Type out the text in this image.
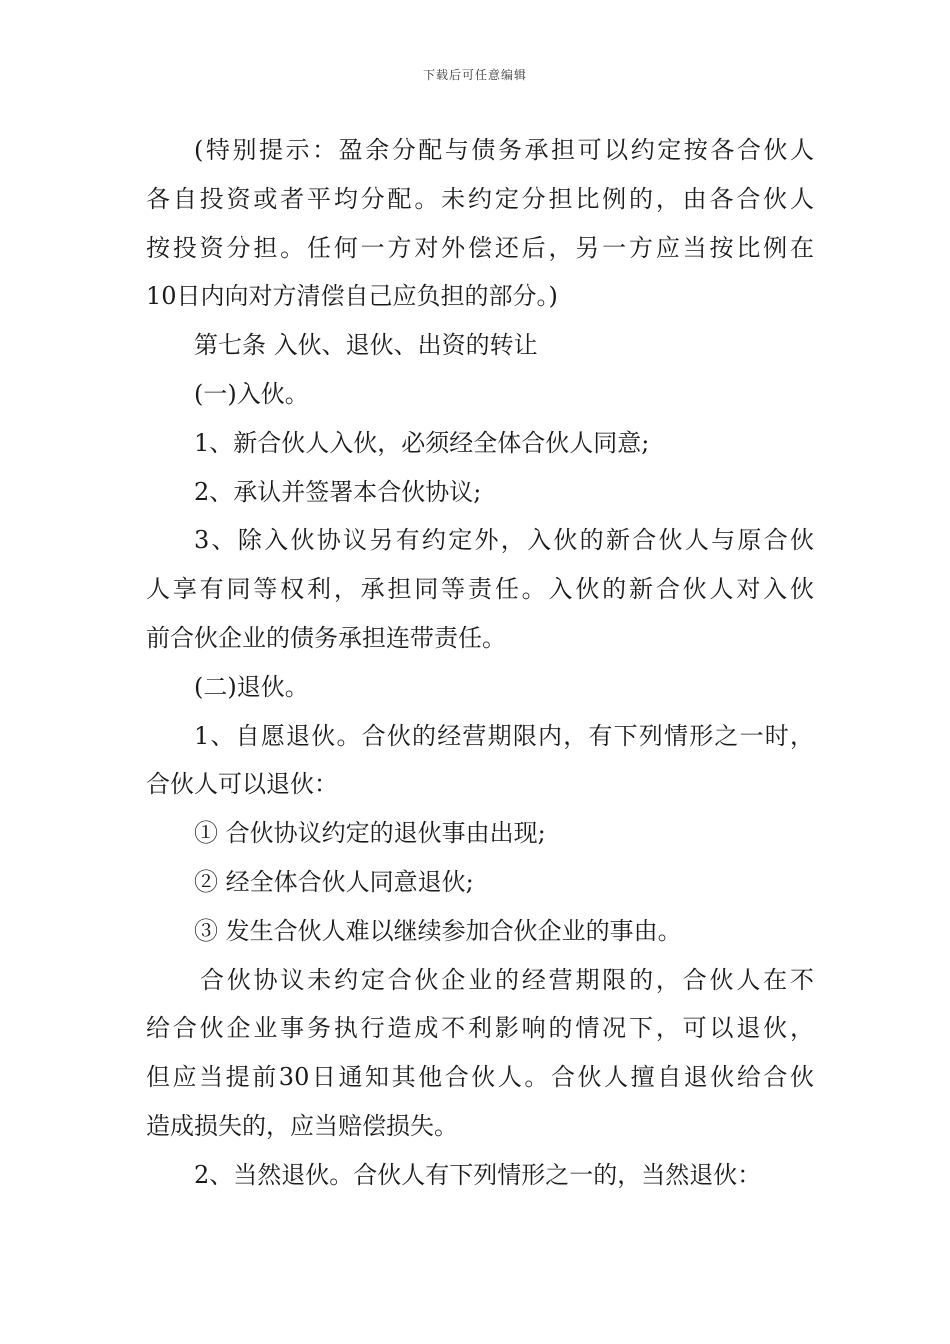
下载后可任意编辑
(特别提示：盈余分配与债务承担可以约定按各合伙人
各自投资或者平均分配。未约定分担比例的，由各合伙人
按投资分担。任何一方对外偿还后，另一方应当按比例在
10日内向对方清偿自己应负担的部分。)
第七条 入伙、退伙、出资的转让
(一)入伙。
1、新合伙人入伙，必须经全体合伙人同意;
2、承认并签署本合伙协议;
3、除入伙协议另有约定外，入伙的新合伙人与原合伙
人享有同等权利，承担同等责任。入伙的新合伙人对入伙
前合伙企业的债务承担连带责任。
(二)退伙。
1、自愿退伙。合伙的经营期限内，有下列情形之一时，
合伙人可以退伙：
① 合伙协议约定的退伙事由出现;
② 经全体合伙人同意退伙;
③ 发生合伙人难以继续参加合伙企业的事由。
合伙协议未约定合伙企业的经营期限的，合伙人在不
给合伙企业事务执行造成不利影响的情况下，可以退伙，
但应当提前30日通知其他合伙人。合伙人擅自退伙给合伙
造成损失的，应当赔偿损失。
2、当然退伙。合伙人有下列情形之一的，当然退伙：
